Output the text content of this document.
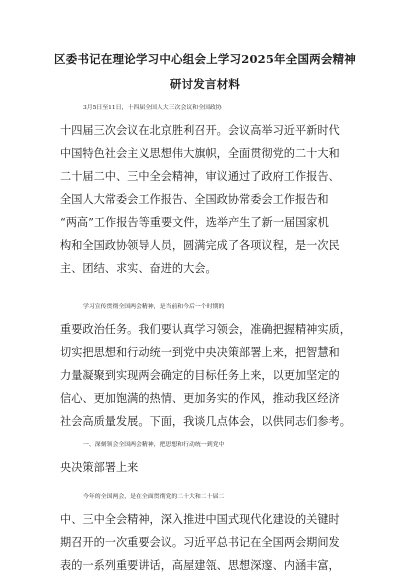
区委书记在理论学习中心组会上学习2025年全国两会精神
研讨发言材料
3月5日至11日，十四届全国人大三次会议和全国政协
十四届三次会议在北京胜利召开。会议高举习近平新时代
中国特色社会主义思想伟大旗帜，全面贯彻党的二十大和
二十届二中、三中全会精神，审议通过了政府工作报告、
全国人大常委会工作报告、全国政协常委会工作报告和
“两高”工作报告等重要文件，选举产生了新一届国家机
构和全国政协领导人员，圆满完成了各项议程，是一次民
主、团结、求实、奋进的大会。
学习宣传贯彻全国两会精神，是当前和今后一个时期的
重要政治任务。我们要认真学习领会，准确把握精神实质，
切实把思想和行动统一到党中央决策部署上来，把智慧和
力量凝聚到实现两会确定的目标任务上来，以更加坚定的
信心、更加饱满的热情、更加务实的作风，推动我区经济
社会高质量发展。下面，我谈几点体会，以供同志们参考。
一、深刻领会全国两会精神，把思想和行动统一到党中
央决策部署上来
今年的全国两会，是在全面贯彻党的二十大和二十届二
中、三中全会精神，深入推进中国式现代化建设的关键时
期召开的一次重要会议。习近平总书记在全国两会期间发
表的一系列重要讲话，高屋建瓴、思想深邃、内涵丰富，
